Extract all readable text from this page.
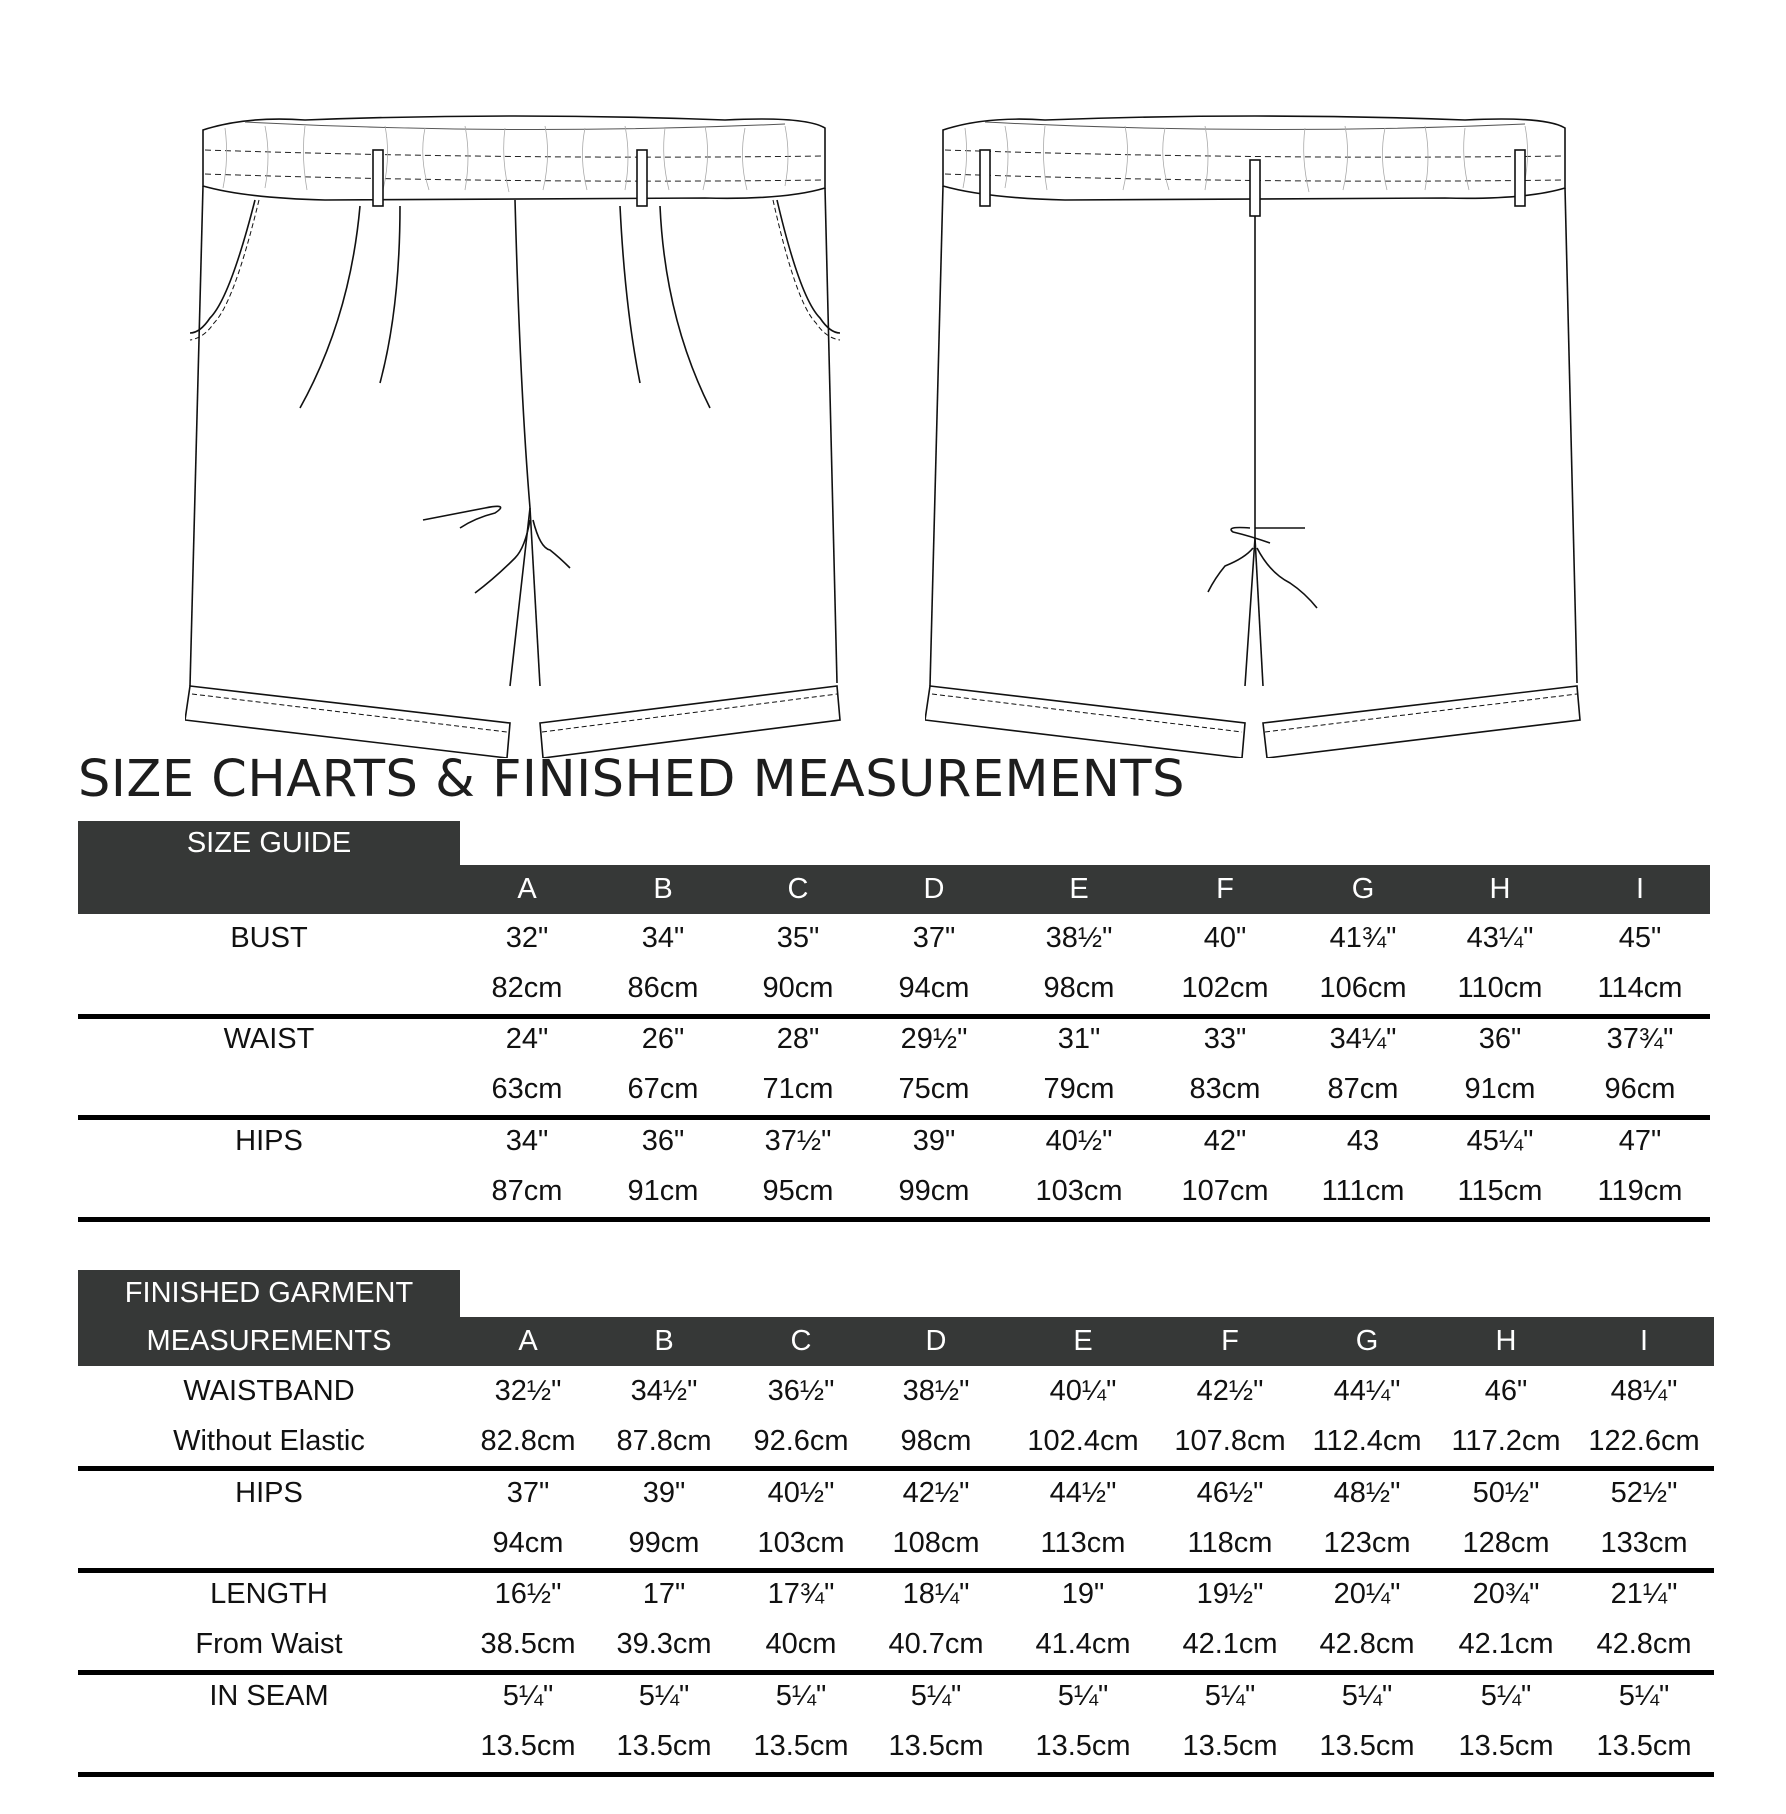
SIZE CHARTS & FINISHED MEASUREMENTS
SIZE GUIDE
A	B	C	D	E	F	G	H	I
BUST	32"	34"	35"	37"	38½"	40"	41¾" 43¼"	45"
82cm 86cm 90cm 94cm	98cm 102cm 106cm 110cm 114cm
WAIST	24"	26"	28"	29½"	31"	33"	34¼"	36"	37¾"
63cm 67cm 71cm 75cm	79cm	83cm 87cm 91cm 96cm
HIPS	34"	36"	37½"	39"	40½"	42"	43	45¼"	47"
87cm 91cm 95cm 99cm 103cm 107cm 111cm 115cm 119cm
FINISHED GARMENT
MEASUREMENTS	A	B	C	D	E	F	G	H	I
WAISTBAND
Without Elastic
32½" 34½" 36½" 38½"	40¼"	42½" 44¼"	46"	48¼"
82.8cm 87.8cm 92.6cm 98cm 102.4cm 107.8cm 112.4cm 117.2cm 122.6cm
HIPS	37"	39"	40½" 42½"	44½"	46½" 48½" 50½" 52½"
94cm 99cm 103cm 108cm 113cm 118cm 123cm 128cm 133cm
LENGTH
From Waist
16½"	17"	17¾" 18¼"	19"	19½" 20¼" 20¾" 21¼"
38.5cm 39.3cm 40cm 40.7cm 41.4cm 42.1cm 42.8cm 42.1cm 42.8cm
IN SEAM	5¼"	5¼"	5¼"	5¼"	5¼"	5¼"	5¼"	5¼"	5¼"
13.5cm 13.5cm 13.5cm 13.5cm 13.5cm 13.5cm 13.5cm 13.5cm 13.5cm
